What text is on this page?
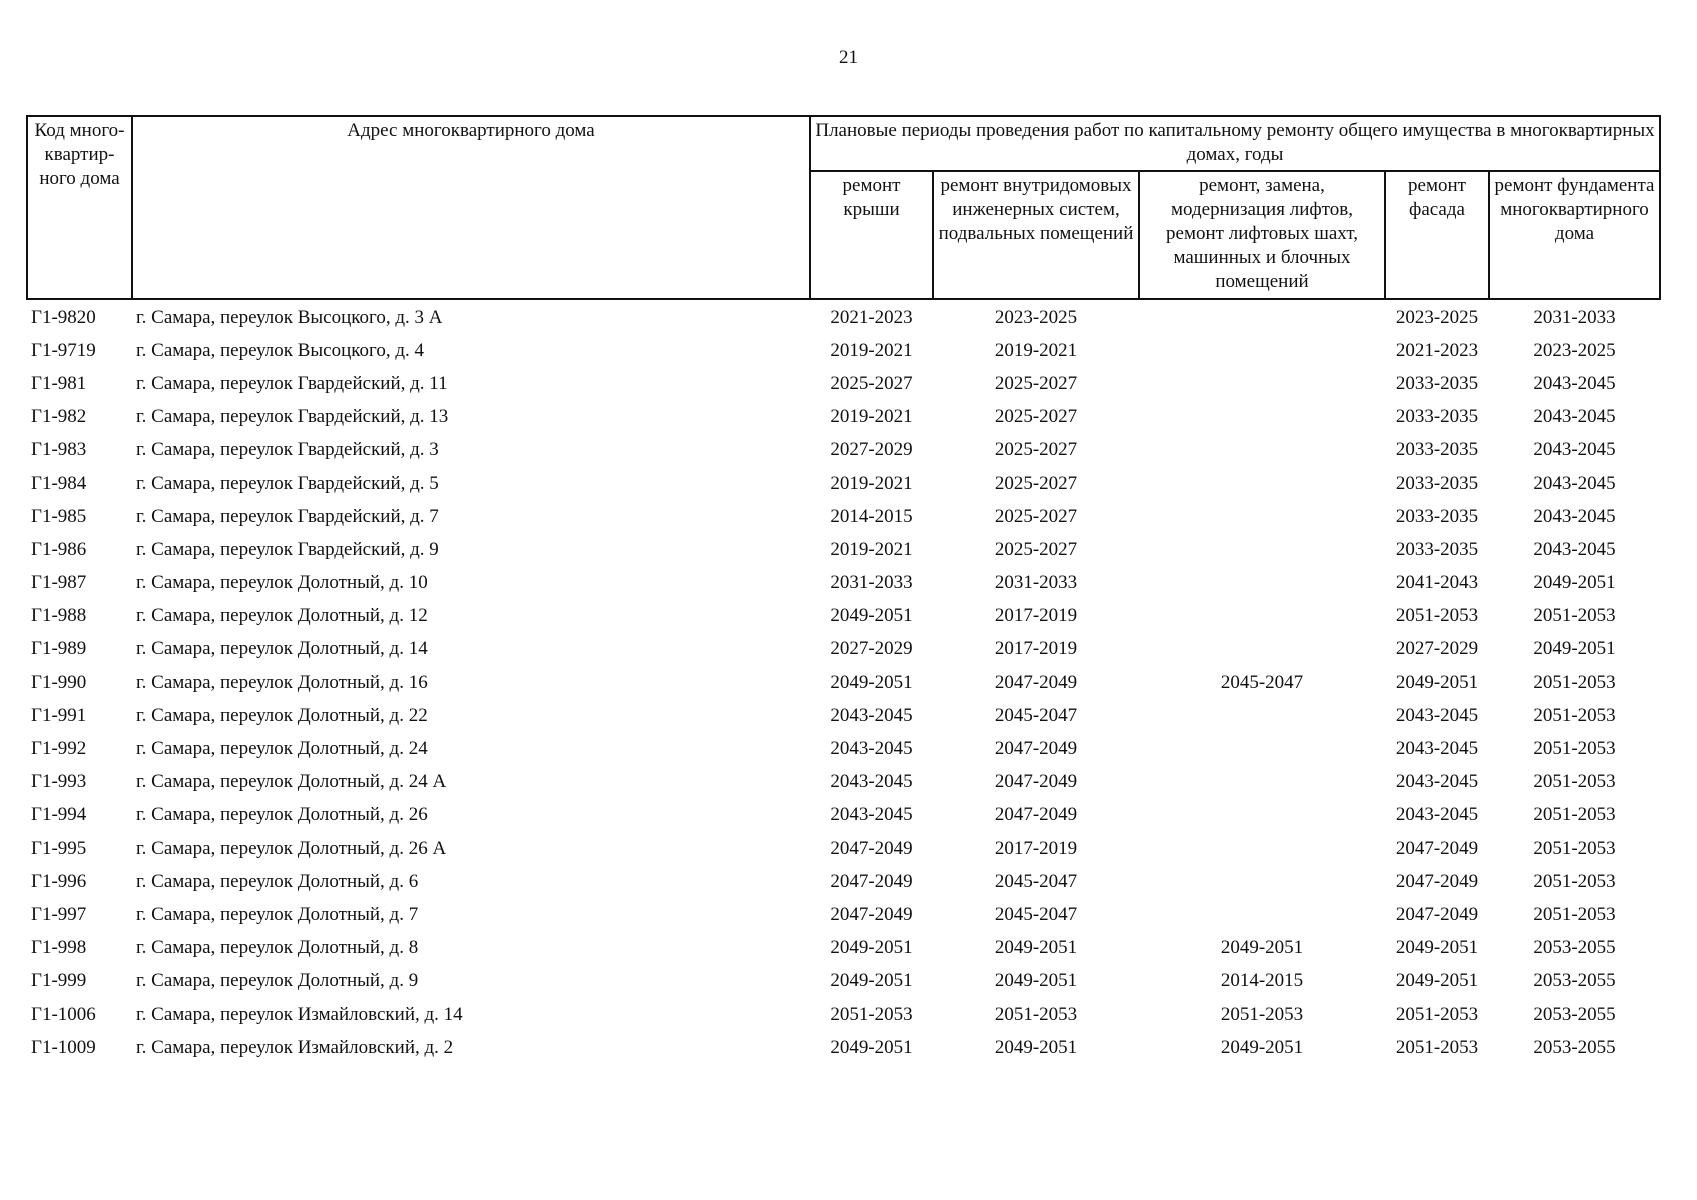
21
Код много-квартир-ного дома	Адрес многоквартирного дома	Плановые периоды проведения работ по капитальному ремонту общего имущества в многоквартирных домах, годы				
		ремонт крыши	ремонт внутридомовых инженерных систем, подвальных помещений	ремонт, замена, модернизация лифтов, ремонт лифтовых шахт, машинных и блочных помещений	ремонт фасада	ремонт фундамента многоквартирного дома
Г1-9820	г. Самара, переулок Высоцкого, д. 3 А	2021-2023	2023-2025		2023-2025	2031-2033
Г1-9719	г. Самара, переулок Высоцкого, д. 4	2019-2021	2019-2021		2021-2023	2023-2025
Г1-981	г. Самара, переулок Гвардейский, д. 11	2025-2027	2025-2027		2033-2035	2043-2045
Г1-982	г. Самара, переулок Гвардейский, д. 13	2019-2021	2025-2027		2033-2035	2043-2045
Г1-983	г. Самара, переулок Гвардейский, д. 3	2027-2029	2025-2027		2033-2035	2043-2045
Г1-984	г. Самара, переулок Гвардейский, д. 5	2019-2021	2025-2027		2033-2035	2043-2045
Г1-985	г. Самара, переулок Гвардейский, д. 7	2014-2015	2025-2027		2033-2035	2043-2045
Г1-986	г. Самара, переулок Гвардейский, д. 9	2019-2021	2025-2027		2033-2035	2043-2045
Г1-987	г. Самара, переулок Долотный, д. 10	2031-2033	2031-2033		2041-2043	2049-2051
Г1-988	г. Самара, переулок Долотный, д. 12	2049-2051	2017-2019		2051-2053	2051-2053
Г1-989	г. Самара, переулок Долотный, д. 14	2027-2029	2017-2019		2027-2029	2049-2051
Г1-990	г. Самара, переулок Долотный, д. 16	2049-2051	2047-2049	2045-2047	2049-2051	2051-2053
Г1-991	г. Самара, переулок Долотный, д. 22	2043-2045	2045-2047		2043-2045	2051-2053
Г1-992	г. Самара, переулок Долотный, д. 24	2043-2045	2047-2049		2043-2045	2051-2053
Г1-993	г. Самара, переулок Долотный, д. 24 А	2043-2045	2047-2049		2043-2045	2051-2053
Г1-994	г. Самара, переулок Долотный, д. 26	2043-2045	2047-2049		2043-2045	2051-2053
Г1-995	г. Самара, переулок Долотный, д. 26 А	2047-2049	2017-2019		2047-2049	2051-2053
Г1-996	г. Самара, переулок Долотный, д. 6	2047-2049	2045-2047		2047-2049	2051-2053
Г1-997	г. Самара, переулок Долотный, д. 7	2047-2049	2045-2047		2047-2049	2051-2053
Г1-998	г. Самара, переулок Долотный, д. 8	2049-2051	2049-2051	2049-2051	2049-2051	2053-2055
Г1-999	г. Самара, переулок Долотный, д. 9	2049-2051	2049-2051	2014-2015	2049-2051	2053-2055
Г1-1006	г. Самара, переулок Измайловский, д. 14	2051-2053	2051-2053	2051-2053	2051-2053	2053-2055
Г1-1009	г. Самара, переулок Измайловский, д. 2	2049-2051	2049-2051	2049-2051	2051-2053	2053-2055
